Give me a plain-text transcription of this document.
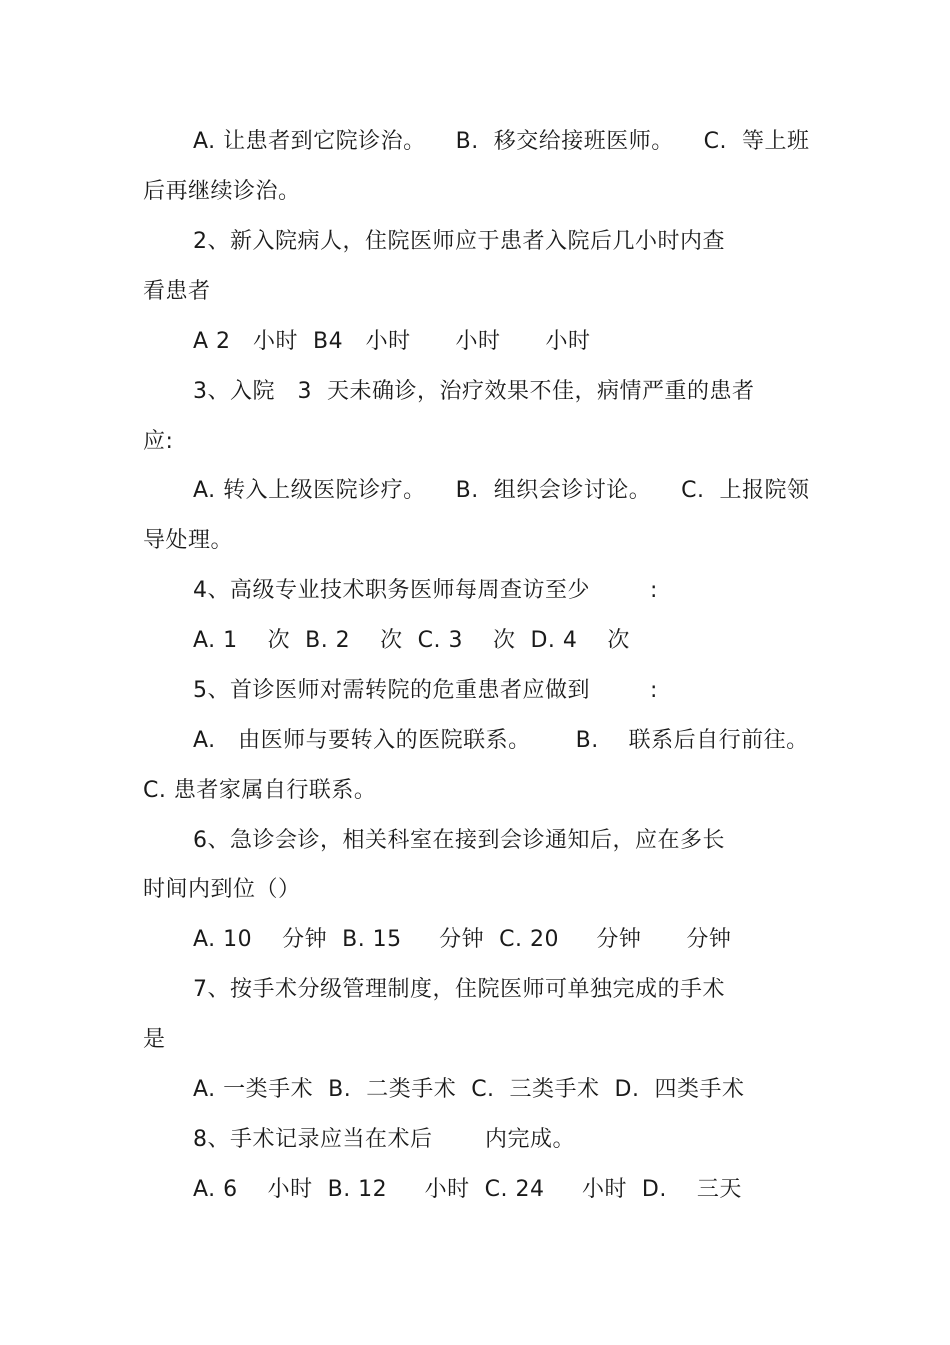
A. 让患者到它院诊治。    B.  移交给接班医师。    C.  等上班
后再继续诊治。
2、新入院病人，住院医师应于患者入院后几小时内查
看患者
A 2   小时  B4   小时      小时      小时
3、入院   3  天未确诊，治疗效果不佳，病情严重的患者
应:
A. 转入上级医院诊疗。    B.  组织会诊讨论。    C.  上报院领
导处理。
4、高级专业技术职务医师每周查访至少        :
A. 1    次  B. 2    次  C. 3    次  D. 4    次
5、首诊医师对需转院的危重患者应做到        :
A.   由医师与要转入的医院联系。      B.    联系后自行前往。
C. 患者家属自行联系。
6、急诊会诊，相关科室在接到会诊通知后，应在多长
时间内到位（）
A. 10    分钟  B. 15     分钟  C. 20     分钟      分钟
7、按手术分级管理制度，住院医师可单独完成的手术
是
A. 一类手术  B.  二类手术  C.  三类手术  D.  四类手术
8、手术记录应当在术后       内完成。
A. 6    小时  B. 12     小时  C. 24     小时  D.    三天
